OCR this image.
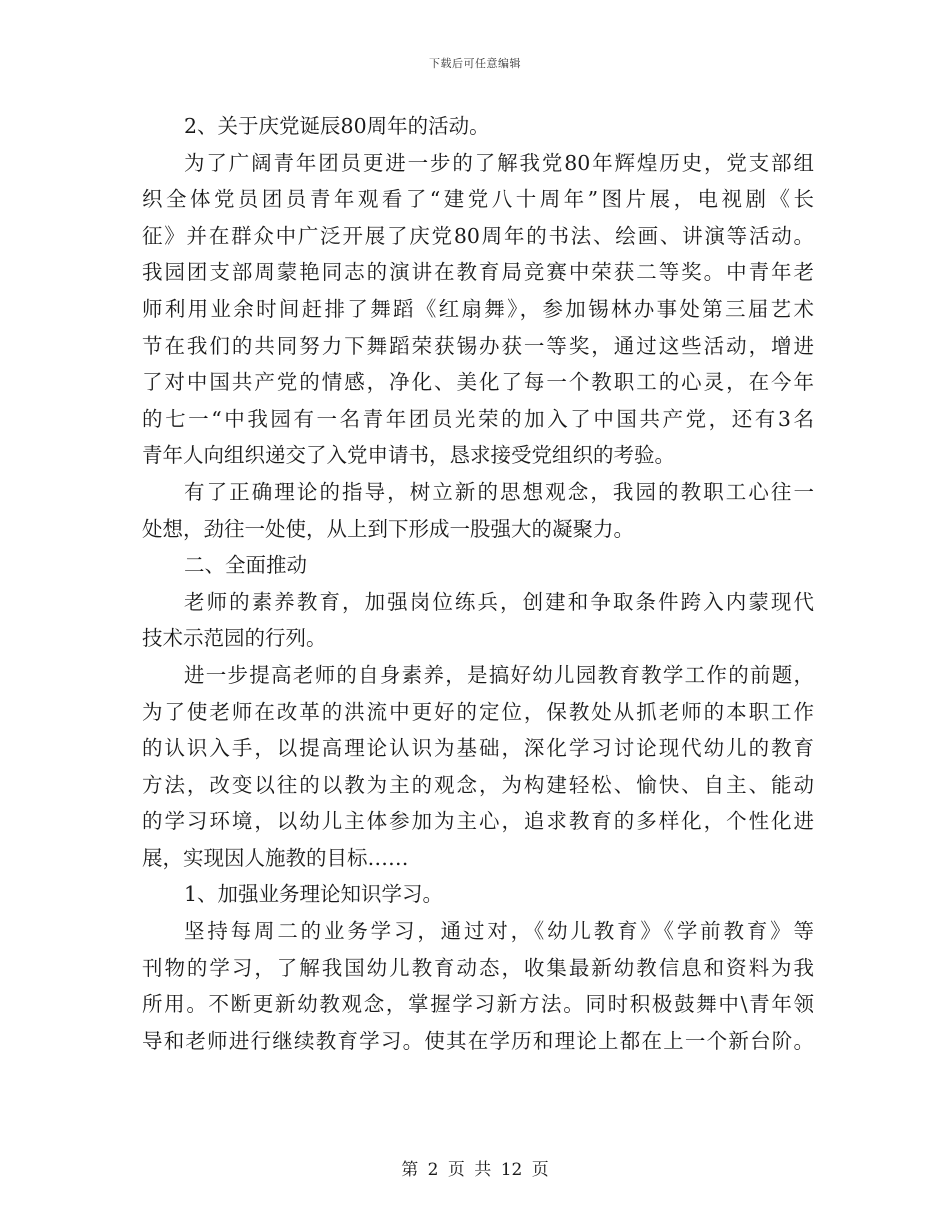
下载后可任意编辑
2、关于庆党诞辰80周年的活动。
为了广阔青年团员更进一步的了解我党80年辉煌历史，党支部组
织全体党员团员青年观看了“建党八十周年”图片展，电视剧《长
征》并在群众中广泛开展了庆党80周年的书法、绘画、讲演等活动。
我园团支部周蒙艳同志的演讲在教育局竞赛中荣获二等奖。中青年老
师利用业余时间赶排了舞蹈《红扇舞》，参加锡林办事处第三届艺术
节在我们的共同努力下舞蹈荣获锡办获一等奖，通过这些活动，增进
了对中国共产党的情感，净化、美化了每一个教职工的心灵，在今年
的七一“中我园有一名青年团员光荣的加入了中国共产党，还有3名
青年人向组织递交了入党申请书，恳求接受党组织的考验。
有了正确理论的指导，树立新的思想观念，我园的教职工心往一
处想，劲往一处使，从上到下形成一股强大的凝聚力。
二、全面推动
老师的素养教育，加强岗位练兵，创建和争取条件跨入内蒙现代
技术示范园的行列。
进一步提高老师的自身素养，是搞好幼儿园教育教学工作的前题，
为了使老师在改革的洪流中更好的定位，保教处从抓老师的本职工作
的认识入手，以提高理论认识为基础，深化学习讨论现代幼儿的教育
方法，改变以往的以教为主的观念，为构建轻松、愉快、自主、能动
的学习环境，以幼儿主体参加为主心，追求教育的多样化，个性化进
展，实现因人施教的目标……
1、加强业务理论知识学习。
坚持每周二的业务学习，通过对，《幼儿教育》《学前教育》等
刊物的学习，了解我国幼儿教育动态，收集最新幼教信息和资料为我
所用。不断更新幼教观念，掌握学习新方法。同时积极鼓舞中\青年领
导和老师进行继续教育学习。使其在学历和理论上都在上一个新台阶。
第 2 页 共 12 页
